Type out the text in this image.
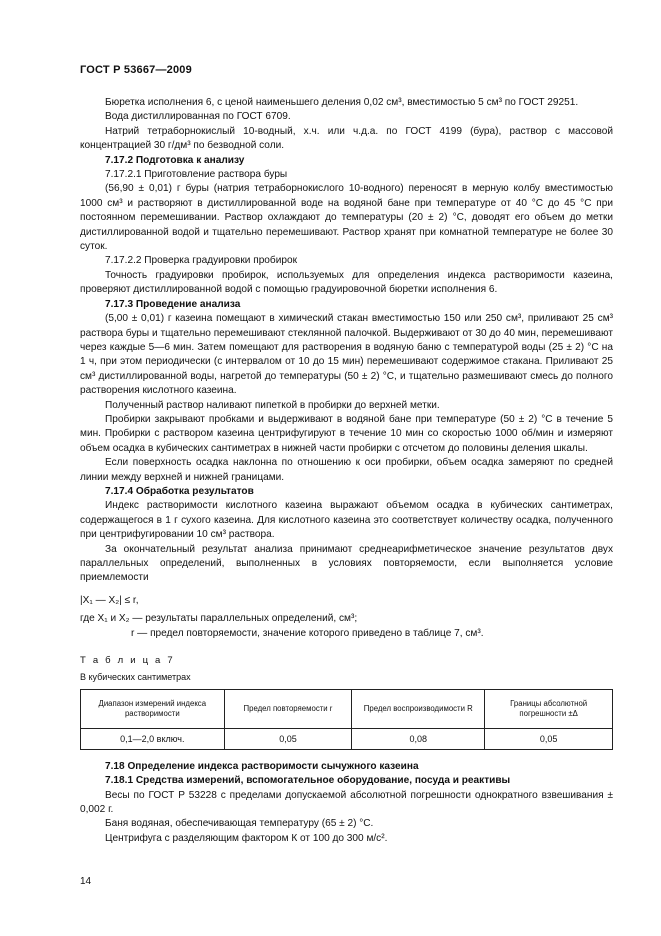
ГОСТ Р 53667—2009

Бюретка исполнения 6, с ценой наименьшего деления 0,02 см³, вместимостью 5 см³ по ГОСТ 29251.

Вода дистиллированная по ГОСТ 6709.

Натрий тетраборнокислый 10-водный, х.ч. или ч.д.а. по ГОСТ 4199 (бура), раствор с массовой концентрацией 30 г/дм³ по безводной соли.

7.17.2 Подготовка к анализу

7.17.2.1 Приготовление раствора буры

(56,90 ± 0,01) г буры (натрия тетраборнокислого 10-водного) переносят в мерную колбу вместимостью 1000 см³ и растворяют в дистиллированной воде на водяной бане при температуре от 40 °С до 45 °С при постоянном перемешивании. Раствор охлаждают до температуры (20 ± 2) °С, доводят его объем до метки дистиллированной водой и тщательно перемешивают. Раствор хранят при комнатной температуре не более 30 суток.

7.17.2.2 Проверка градуировки пробирок

Точность градуировки пробирок, используемых для определения индекса растворимости казеина, проверяют дистиллированной водой с помощью градуировочной бюретки исполнения 6.

7.17.3 Проведение анализа

(5,00 ± 0,01) г казеина помещают в химический стакан вместимостью 150 или 250 см³, приливают 25 см³ раствора буры и тщательно перемешивают стеклянной палочкой. Выдерживают от 30 до 40 мин, перемешивают через каждые 5—6 мин. Затем помещают для растворения в водяную баню с температурой воды (25 ± 2) °С на 1 ч, при этом периодически (с интервалом от 10 до 15 мин) перемешивают содержимое стакана. Приливают 25 см³ дистиллированной воды, нагретой до температуры (50 ± 2) °С, и тщательно размешивают смесь до полного растворения кислотного казеина.

Полученный раствор наливают пипеткой в пробирки до верхней метки.

Пробирки закрывают пробками и выдерживают в водяной бане при температуре (50 ± 2) °С в течение 5 мин. Пробирки с раствором казеина центрифугируют в течение 10 мин со скоростью 1000 об/мин и измеряют объем осадка в кубических сантиметрах в нижней части пробирки с отсчетом до половины деления шкалы.

Если поверхность осадка наклонна по отношению к оси пробирки, объем осадка замеряют по средней линии между верхней и нижней границами.

7.17.4 Обработка результатов

Индекс растворимости кислотного казеина выражают объемом осадка в кубических сантиметрах, содержащегося в 1 г сухого казеина. Для кислотного казеина это соответствует количеству осадка, полученного при центрифугировании 10 см³ раствора.

За окончательный результат анализа принимают среднеарифметическое значение результатов двух параллельных определений, выполненных в условиях повторяемости, если выполняется условие приемлемости

|X₁ — X₂| ≤ r,

где X₁ и X₂ — результаты параллельных определений, см³;

r — предел повторяемости, значение которого приведено в таблице 7, см³.

Т а б л и ц а 7

В кубических сантиметрах

Диапазон измерений индекса растворимости	Предел повторяемости r	Предел воспроизводимости R	Границы абсолютной погрешности ±Δ
0,1—2,0 включ.	0,05	0,08	0,05

7.18 Определение индекса растворимости сычужного казеина

7.18.1 Средства измерений, вспомогательное оборудование, посуда и реактивы

Весы по ГОСТ Р 53228 с пределами допускаемой абсолютной погрешности однократного взвешивания ± 0,002 г.

Баня водяная, обеспечивающая температуру (65 ± 2) °С.

Центрифуга с разделяющим фактором К от 100 до 300 м/с².

14
